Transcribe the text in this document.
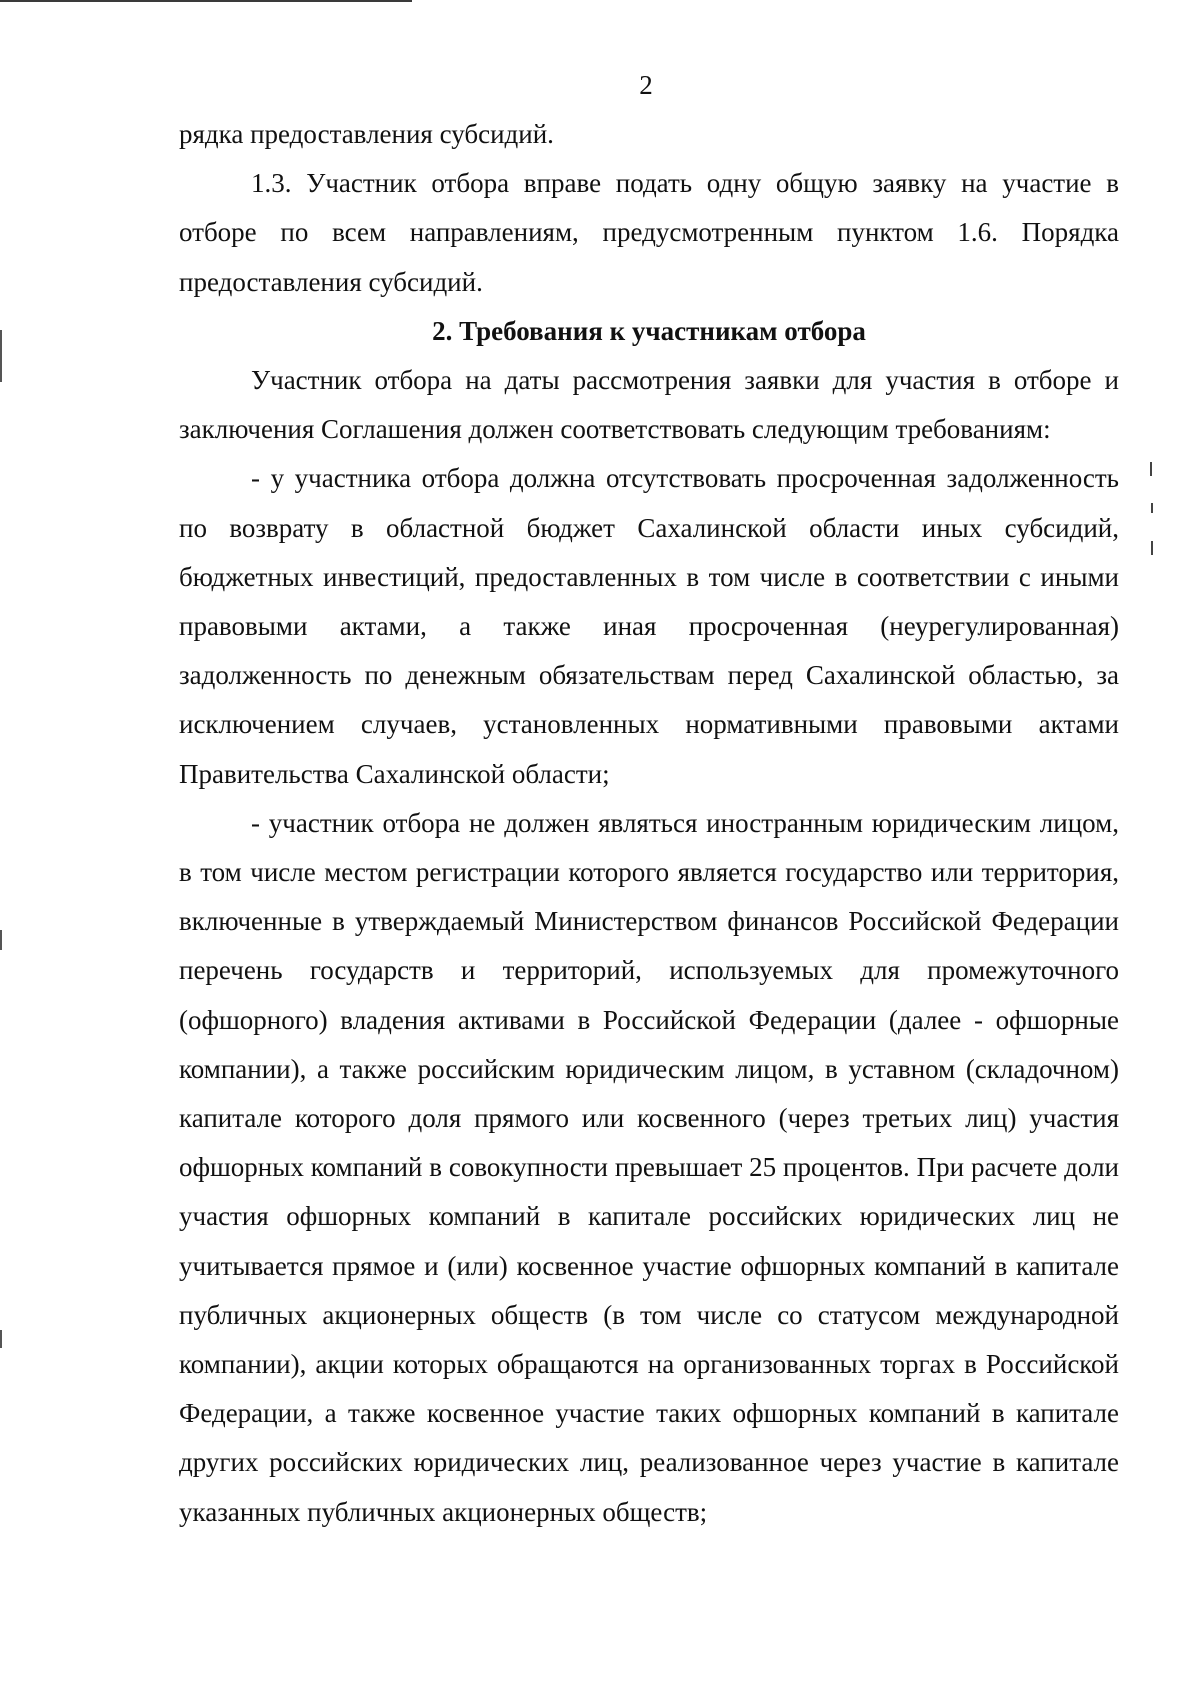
2

рядка предоставления субсидий.

1.3. Участник отбора вправе подать одну общую заявку на участие в отборе по всем направлениям, предусмотренным пунктом 1.6. Порядка предоставления субсидий.

2. Требования к участникам отбора

Участник отбора на даты рассмотрения заявки для участия в отборе и заключения Соглашения должен соответствовать следующим требованиям:

- у участника отбора должна отсутствовать просроченная задолженность по возврату в областной бюджет Сахалинской области иных субсидий, бюджетных инвестиций, предоставленных в том числе в соответствии с иными правовыми актами, а также иная просроченная (неурегулированная) задолженность по денежным обязательствам перед Сахалинской областью, за исключением случаев, установленных нормативными правовыми актами Правительства Сахалинской области;

- участник отбора не должен являться иностранным юридическим лицом, в том числе местом регистрации которого является государство или территория, включенные в утверждаемый Министерством финансов Российской Федерации перечень государств и территорий, используемых для промежуточного (офшорного) владения активами в Российской Федерации (далее - офшорные компании), а также российским юридическим лицом, в уставном (складочном) капитале которого доля прямого или косвенного (через третьих лиц) участия офшорных компаний в совокупности превышает 25 процентов. При расчете доли участия офшорных компаний в капитале российских юридических лиц не учитывается прямое и (или) косвенное участие офшорных компаний в капитале публичных акционерных обществ (в том числе со статусом международной компании), акции которых обращаются на организованных торгах в Российской Федерации, а также косвенное участие таких офшорных компаний в капитале других российских юридических лиц, реализованное через участие в капитале указанных публичных акционерных обществ;
